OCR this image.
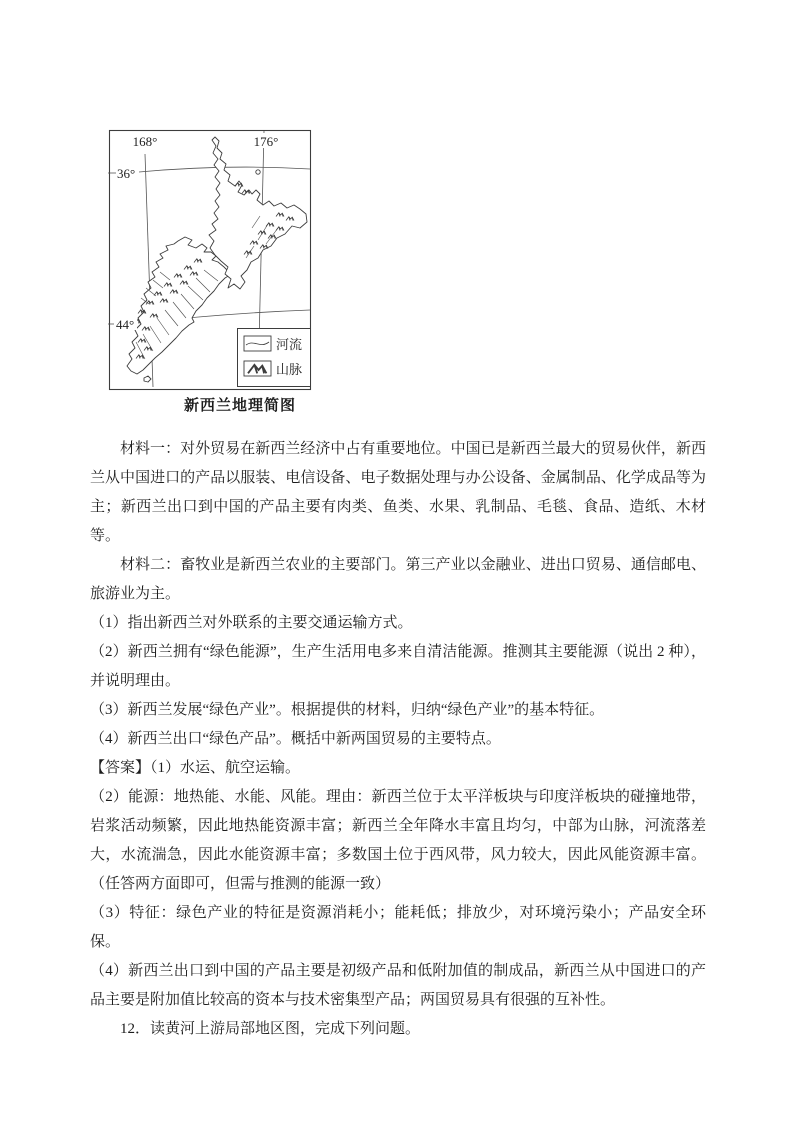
168°	176°
36°
44°
河流
山脉
新西兰地理简图

材料一：对外贸易在新西兰经济中占有重要地位。中国已是新西兰最大的贸易伙伴，新西兰从中国进口的产品以服装、电信设备、电子数据处理与办公设备、金属制品、化学成品等为主；新西兰出口到中国的产品主要有肉类、鱼类、水果、乳制品、毛毯、食品、造纸、木材等。

材料二：畜牧业是新西兰农业的主要部门。第三产业以金融业、进出口贸易、通信邮电、旅游业为主。

（1）指出新西兰对外联系的主要交通运输方式。

（2）新西兰拥有“绿色能源”，生产生活用电多来自清洁能源。推测其主要能源（说出 2 种），并说明理由。

（3）新西兰发展“绿色产业”。根据提供的材料，归纳“绿色产业”的基本特征。

（4）新西兰出口“绿色产品”。概括中新两国贸易的主要特点。

【答案】（1）水运、航空运输。

（2）能源：地热能、水能、风能。理由：新西兰位于太平洋板块与印度洋板块的碰撞地带，岩浆活动频繁，因此地热能资源丰富；新西兰全年降水丰富且均匀，中部为山脉，河流落差大，水流湍急，因此水能资源丰富；多数国土位于西风带，风力较大，因此风能资源丰富。（任答两方面即可，但需与推测的能源一致）

（3）特征：绿色产业的特征是资源消耗小；能耗低；排放少，对环境污染小；产品安全环保。

（4）新西兰出口到中国的产品主要是初级产品和低附加值的制成品，新西兰从中国进口的产品主要是附加值比较高的资本与技术密集型产品；两国贸易具有很强的互补性。

12．读黄河上游局部地区图，完成下列问题。
